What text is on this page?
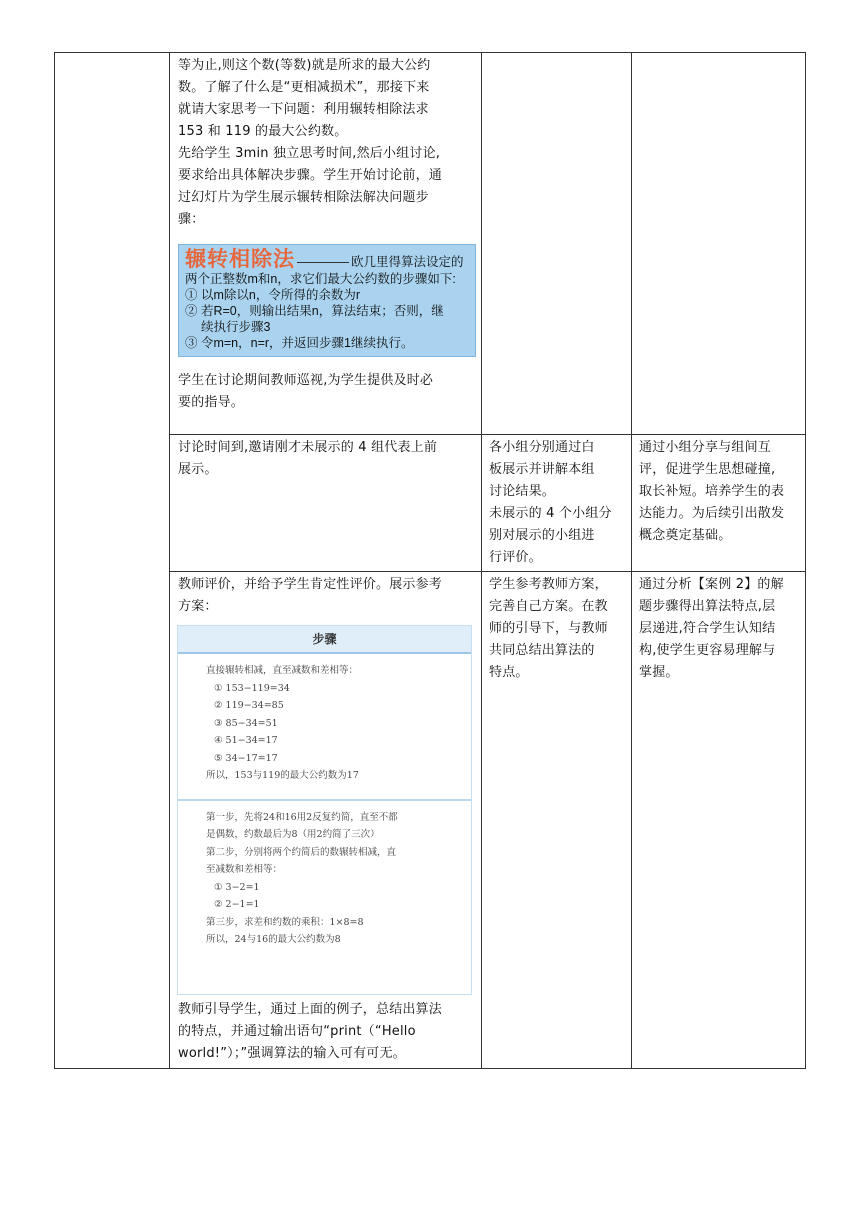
等为止,则这个数(等数)就是所求的最大公约

数。了解了什么是“更相减损术”，那接下来

就请大家思考一下问题：利用辗转相除法求

153 和 119 的最大公约数。

先给学生 3min 独立思考时间,然后小组讨论,

要求给出具体解决步骤。学生开始讨论前，通

过幻灯片为学生展示辗转相除法解决问题步

骤：

辗转相除法	欧几里得算法设定的
两个正整数m和n，求它们最大公约数的步骤如下:
① 以m除以n，令所得的余数为r
② 若R=0，则输出结果n，算法结束；否则，继
续执行步骤3
③ 令m=n，n=r，并返回步骤1继续执行。

学生在讨论期间教师巡视,为学生提供及时必

要的指导。

讨论时间到,邀请刚才未展示的 4 组代表上前

展示。

各小组分别通过白

板展示并讲解本组

讨论结果。

未展示的 4 个小组分

别对展示的小组进

行评价。

通过小组分享与组间互

评，促进学生思想碰撞,

取长补短。培养学生的表

达能力。为后续引出散发

概念奠定基础。

教师评价，并给予学生肯定性评价。展示参考

方案：

步骤
直接辗转相减，直至减数和差相等：
① 153−119=34
② 119−34=85
③ 85−34=51
④ 51−34=17
⑤ 34−17=17
所以，153与119的最大公约数为17
第一步，先将24和16用2反复约简，直至不都
是偶数，约数最后为8（用2约简了三次）
第二步，分别将两个约简后的数辗转相减，直
至减数和差相等：
① 3−2=1
② 2−1=1
第三步，求差和约数的乘积：1×8=8
所以，24与16的最大公约数为8

教师引导学生，通过上面的例子，总结出算法

的特点，并通过输出语句“print（“Hello

world!”）；”强调算法的输入可有可无。

学生参考教师方案，

完善自己方案。在教

师的引导下，与教师

共同总结出算法的

特点。

通过分析【案例 2】的解

题步骤得出算法特点,层

层递进,符合学生认知结

构,使学生更容易理解与

掌握。
